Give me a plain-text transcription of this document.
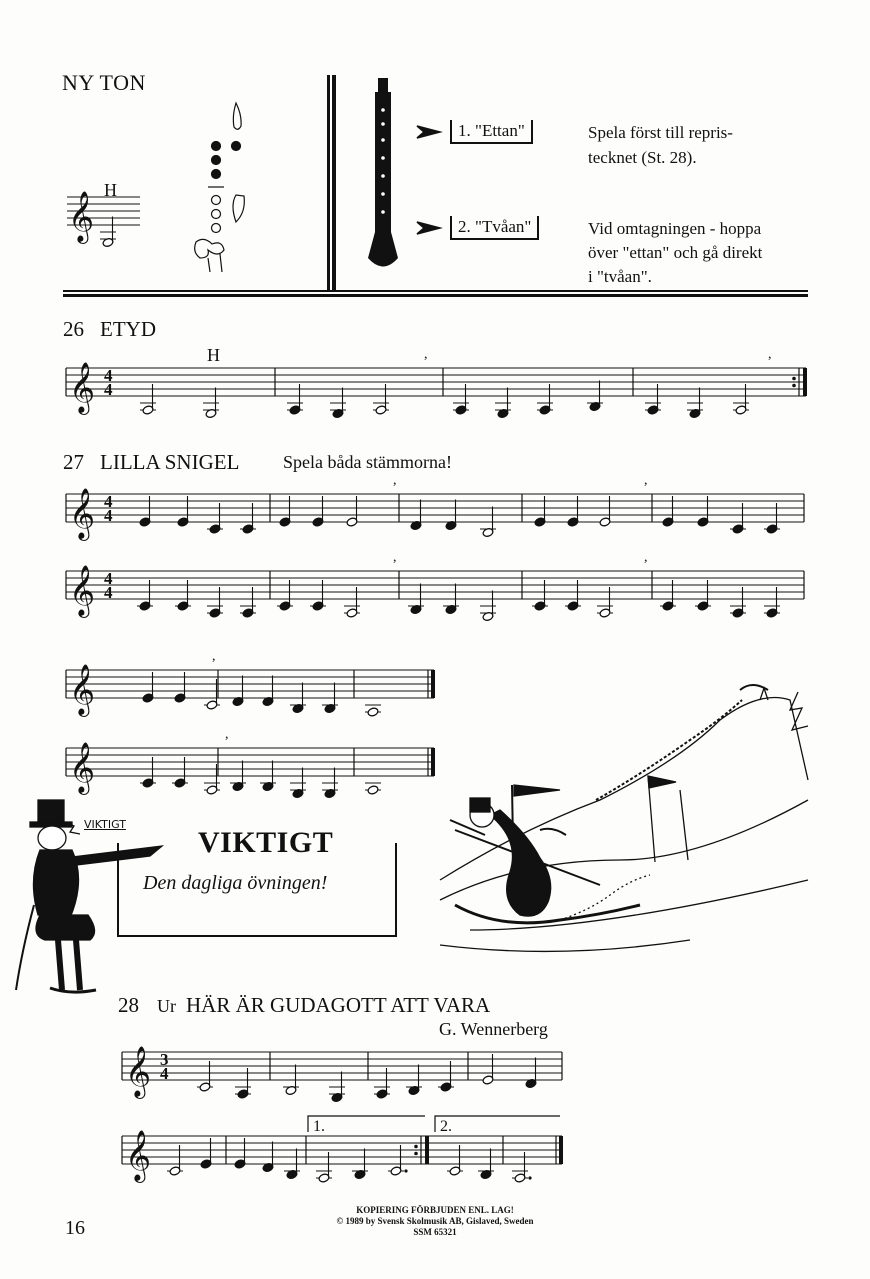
NY TON
H
1. "Ettan"
2. "Tvåan"
Spela först till repris-
tecknet (St. 28).
Vid omtagningen - hoppa
över "ettan" och gå direkt
i "tvåan".
26 ETYD
H
27 LILLA SNIGEL Spela båda stämmorna!
VIKTIGT
Den dagliga övningen!
VIKTIGT
28 Ur HÄR ÄR GUDAGOTT ATT VARA
G. Wennerberg
1.	2.
16
KOPIERING FÖRBJUDEN ENL. LAG!
© 1989 by Svensk Skolmusik AB, Gislaved, Sweden
SSM 65321
𝄞 4
4
,	,
𝄞 4
4
,	,
𝄞 4
4
,	,
𝄞
,
𝄞
,
𝄞 3
4
𝄞
𝄞
